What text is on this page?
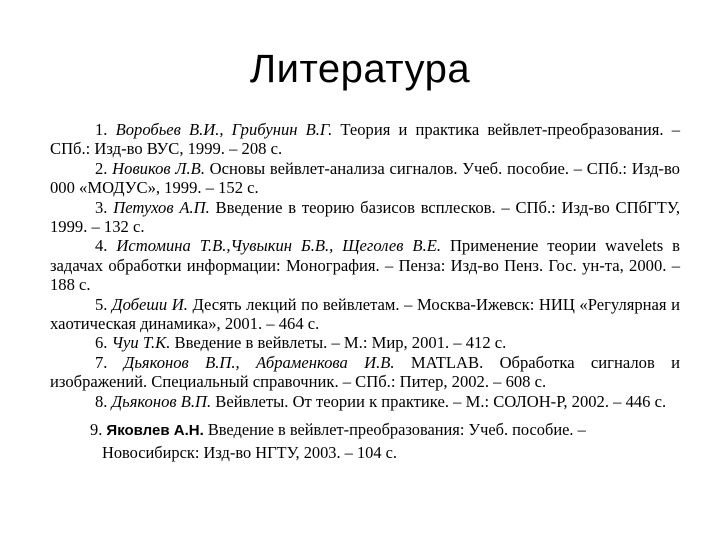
Литература

1. Воробьев В.И., Грибунин В.Г. Теория и практика вейвлет-преобразования. – СПб.: Изд-во ВУС, 1999. – 208 с.

2. Новиков Л.В. Основы вейвлет-анализа сигналов. Учеб. пособие. – СПб.: Изд-во 000 «МОДУС», 1999. – 152 с.

3. Петухов А.П. Введение в теорию базисов всплесков. – СПб.: Изд-во СПбГТУ, 1999. – 132 с.

4. Истомина Т.В.,Чувыкин Б.В., Щеголев В.Е. Применение теории wavelets в задачах обработки информации: Монография. – Пенза: Изд-во Пенз. Гос. ун-та, 2000. – 188 с.

5. Добеши И. Десять лекций по вейвлетам. – Москва-Ижевск: НИЦ «Регулярная и хаотическая динамика», 2001. – 464 с.

6. Чуи Т.К. Введение в вейвлеты. – М.: Мир, 2001. – 412 с.

7. Дьяконов В.П., Абраменкова И.В. MATLAB. Обработка сигналов и изображений. Специальный справочник. – СПб.: Питер, 2002. – 608 с.

8. Дьяконов В.П. Вейвлеты. От теории к практике. – М.: СОЛОН-Р, 2002. – 446 с.

9. Яковлев А.Н. Введение в вейвлет-преобразования: Учеб. пособие. –
Новосибирск: Изд-во НГТУ, 2003. – 104 с.
